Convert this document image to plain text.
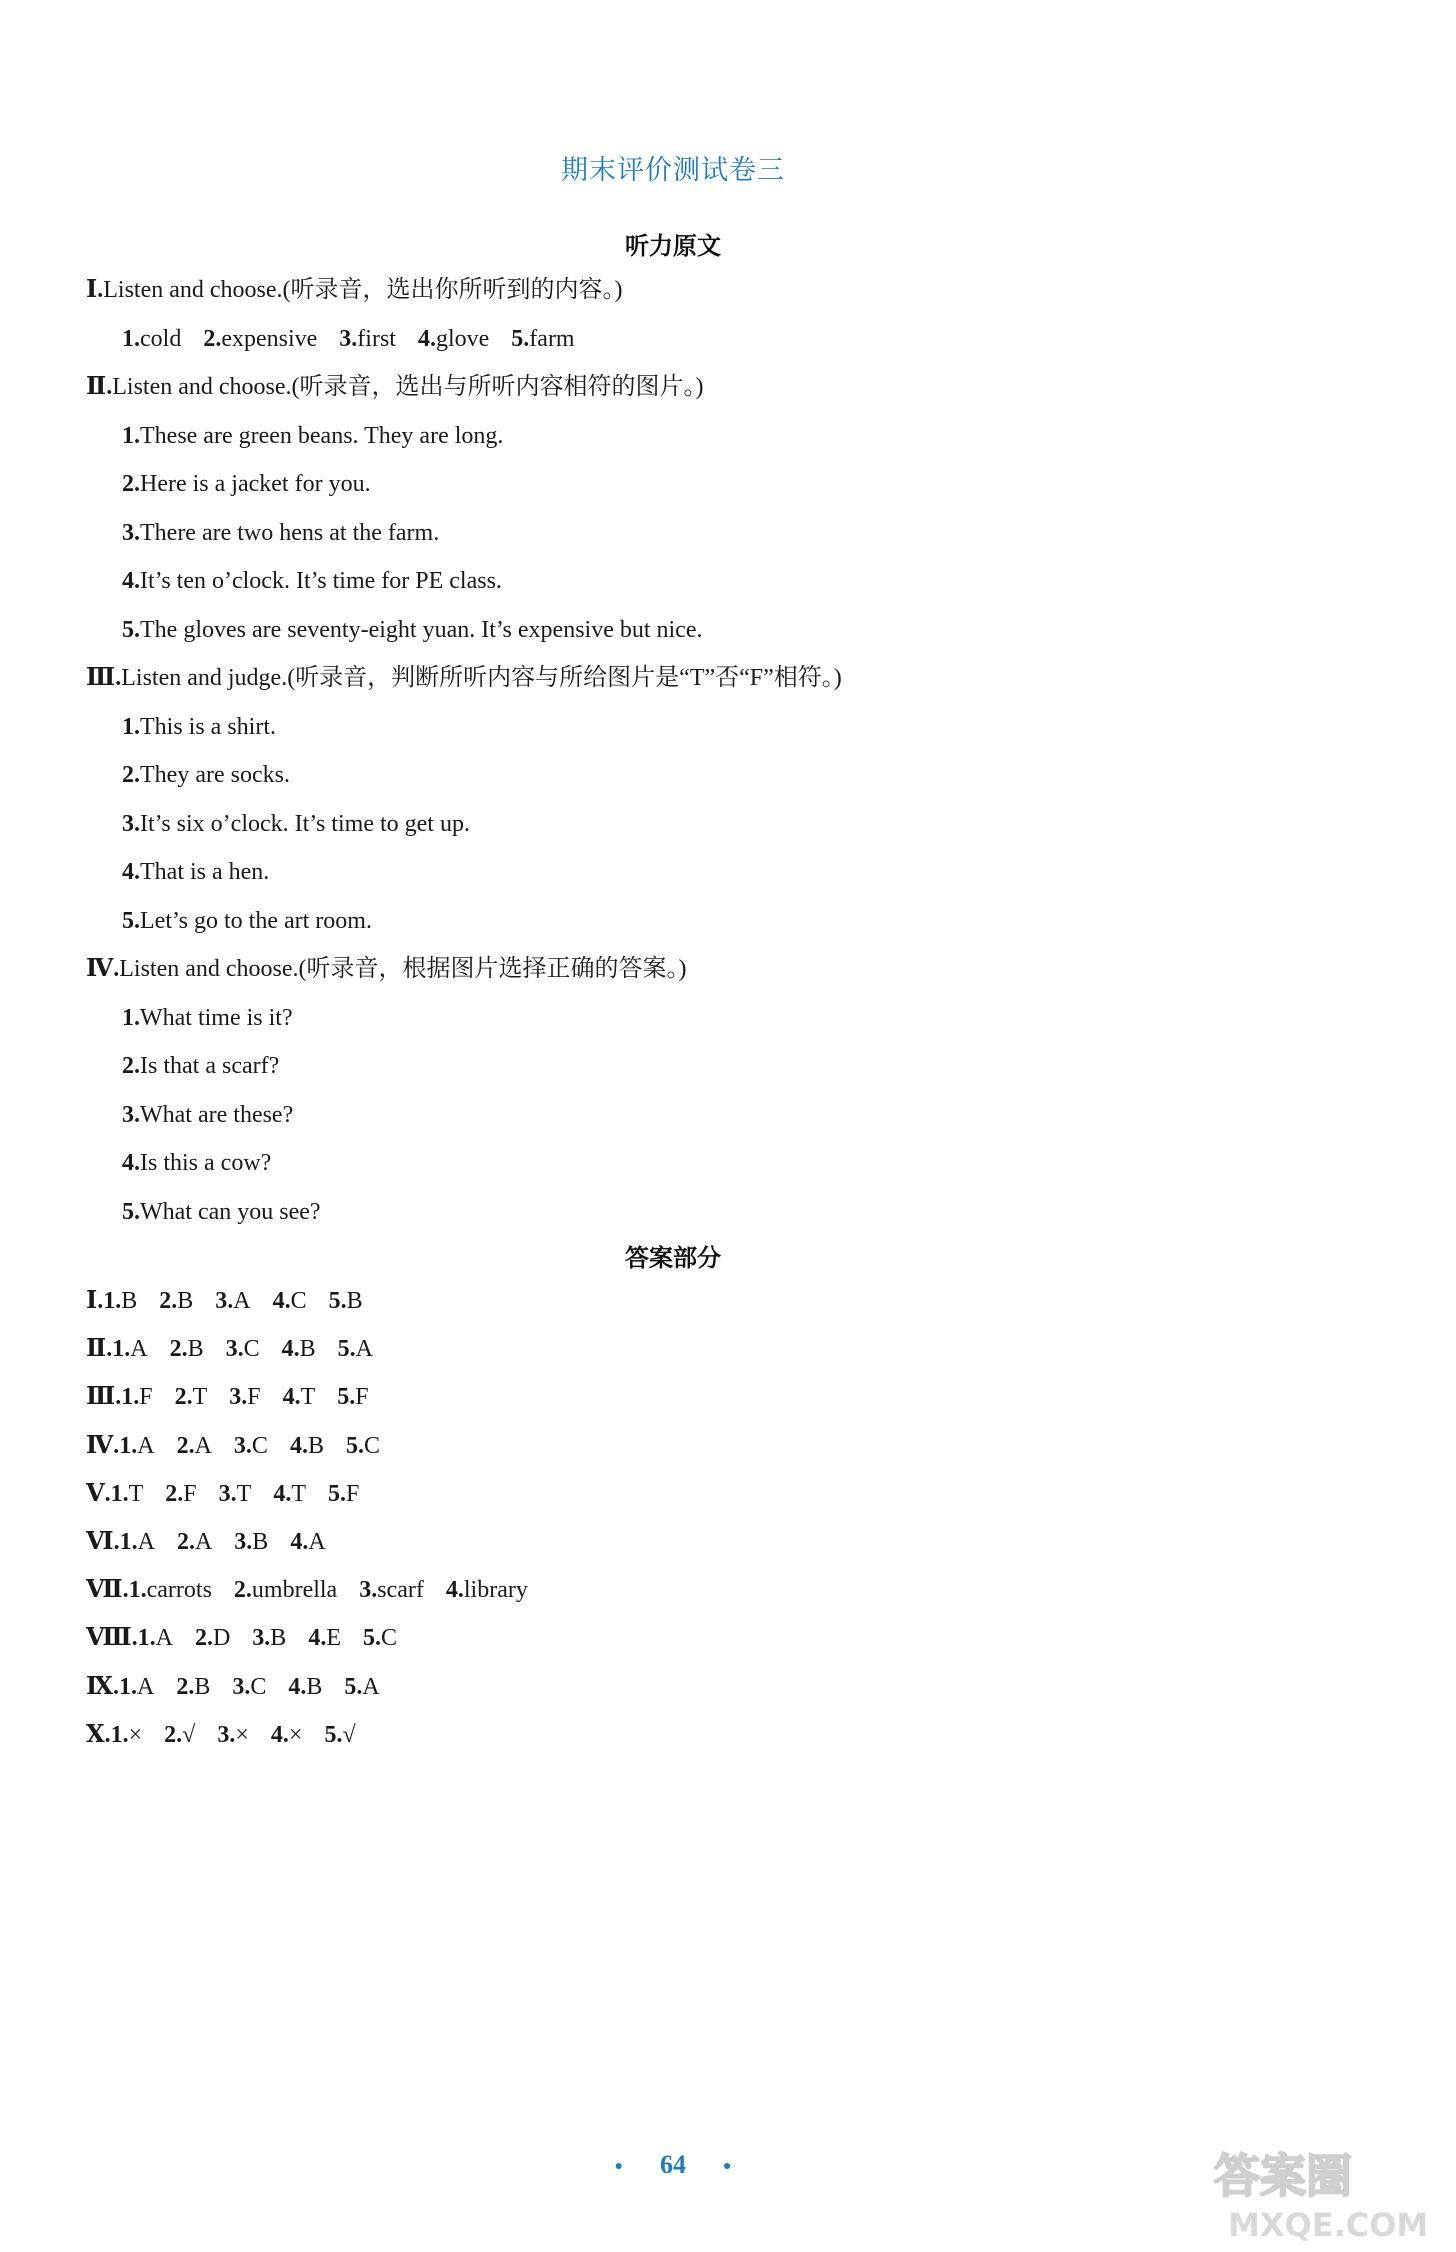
期末评价测试卷三
听力原文
Ⅰ.Listen and choose.(听录音，选出你所听到的内容。)
1.cold 2.expensive 3.first 4.glove 5.farm
Ⅱ.Listen and choose.(听录音，选出与所听内容相符的图片。)
1.These are green beans. They are long.
2.Here is a jacket for you.
3.There are two hens at the farm.
4.It’s ten o’clock. It’s time for PE class.
5.The gloves are seventy-eight yuan. It’s expensive but nice.
Ⅲ.Listen and judge.(听录音，判断所听内容与所给图片是“T”否“F”相符。)
1.This is a shirt.
2.They are socks.
3.It’s six o’clock. It’s time to get up.
4.That is a hen.
5.Let’s go to the art room.
Ⅳ.Listen and choose.(听录音，根据图片选择正确的答案。)
1.What time is it?
2.Is that a scarf?
3.What are these?
4.Is this a cow?
5.What can you see?
答案部分
Ⅰ.1.B 2.B 3.A 4.C 5.B
Ⅱ.1.A 2.B 3.C 4.B 5.A
Ⅲ.1.F 2.T 3.F 4.T 5.F
Ⅳ.1.A 2.A 3.C 4.B 5.C
Ⅴ.1.T 2.F 3.T 4.T 5.F
Ⅵ.1.A 2.A 3.B 4.A
Ⅶ.1.carrots 2.umbrella 3.scarf 4.library
Ⅷ.1.A 2.D 3.B 4.E 5.C
Ⅸ.1.A 2.B 3.C 4.B 5.A
Ⅹ.1.× 2.√ 3.× 4.× 5.√
● 64	●	答案圈
MXQE.COM
